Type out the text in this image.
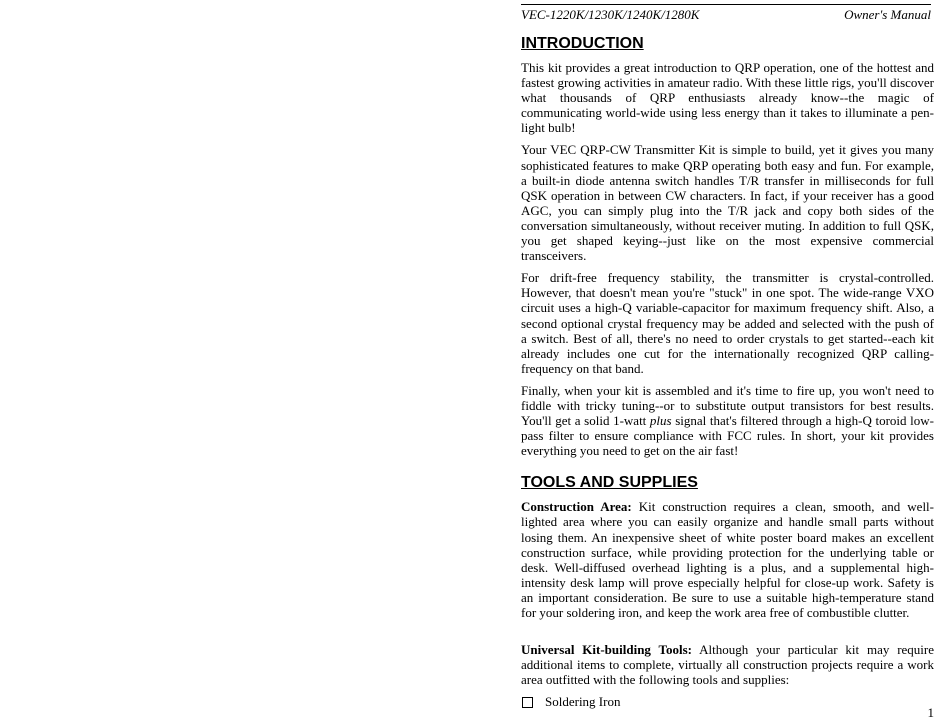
VEC-1220K/1230K/1240K/1280K	Owner's Manual
INTRODUCTION

This kit provides a great introduction to QRP operation, one of the hottest and fastest growing activities in amateur radio. With these little rigs, you'll discover what thousands of QRP enthusiasts already know--the magic of communicating world-wide using less energy than it takes to illuminate a pen-light bulb!

Your VEC QRP-CW Transmitter Kit is simple to build, yet it gives you many sophisticated features to make QRP operating both easy and fun. For example, a built-in diode antenna switch handles T/R transfer in milliseconds for full QSK operation in between CW characters. In fact, if your receiver has a good AGC, you can simply plug into the T/R jack and copy both sides of the conversation simultaneously, without receiver muting. In addition to full QSK, you get shaped keying--just like on the most expensive commercial transceivers.

For drift-free frequency stability, the transmitter is crystal-controlled. However, that doesn't mean you're "stuck" in one spot. The wide-range VXO circuit uses a high-Q variable-capacitor for maximum frequency shift. Also, a second optional crystal frequency may be added and selected with the push of a switch. Best of all, there's no need to order crystals to get started--each kit already includes one cut for the internationally recognized QRP calling-frequency on that band.

Finally, when your kit is assembled and it's time to fire up, you won't need to fiddle with tricky tuning--or to substitute output transistors for best results. You'll get a solid 1-watt plus signal that's filtered through a high-Q toroid low-pass filter to ensure compliance with FCC rules. In short, your kit provides everything you need to get on the air fast!

TOOLS AND SUPPLIES

Construction Area: Kit construction requires a clean, smooth, and well-lighted area where you can easily organize and handle small parts without losing them. An inexpensive sheet of white poster board makes an excellent construction surface, while providing protection for the underlying table or desk. Well-diffused overhead lighting is a plus, and a supplemental high-intensity desk lamp will prove especially helpful for close-up work. Safety is an important consideration. Be sure to use a suitable high-temperature stand for your soldering iron, and keep the work area free of combustible clutter.

Universal Kit-building Tools: Although your particular kit may require additional items to complete, virtually all construction projects require a work area outfitted with the following tools and supplies:

Soldering Iron
1
